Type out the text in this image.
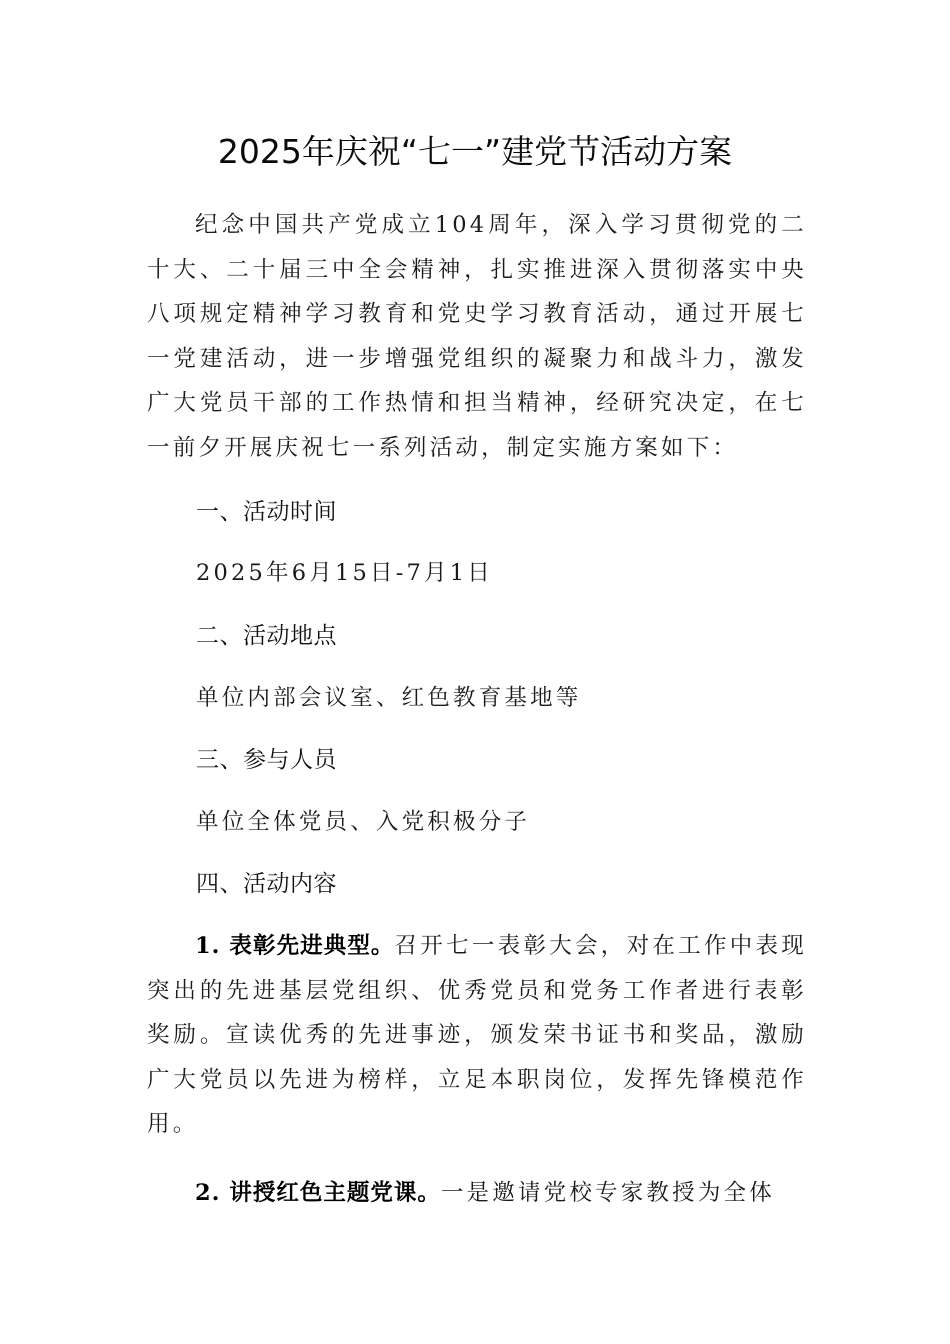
2025年庆祝“七一”建党节活动方案
纪念中国共产党成立104周年，深入学习贯彻党的二十大、二十届三中全会精神，扎实推进深入贯彻落实中央八项规定精神学习教育和党史学习教育活动，通过开展七一党建活动，进一步增强党组织的凝聚力和战斗力，激发广大党员干部的工作热情和担当精神，经研究决定，在七一前夕开展庆祝七一系列活动，制定实施方案如下：
一、活动时间
2025年6月15日-7月1日
二、活动地点
单位内部会议室、红色教育基地等
三、参与人员
单位全体党员、入党积极分子
四、活动内容
1. 表彰先进典型。召开七一表彰大会，对在工作中表现突出的先进基层党组织、优秀党员和党务工作者进行表彰奖励。宣读优秀的先进事迹，颁发荣书证书和奖品，激励广大党员以先进为榜样，立足本职岗位，发挥先锋模范作用。
2. 讲授红色主题党课。一是邀请党校专家教授为全体
